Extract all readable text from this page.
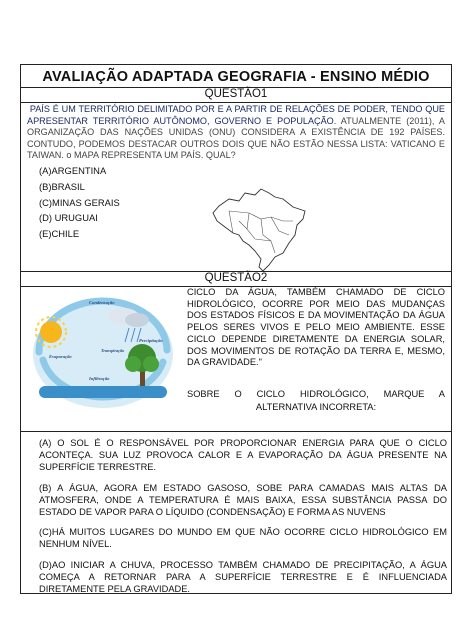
AVALIAÇÃO ADAPTADA GEOGRAFIA - ENSINO MÉDIO
QUESTÃO1
PAÍS É UM TERRITÓRIO DELIMITADO POR E A PARTIR DE RELAÇÕES DE PODER, TENDO QUE APRESENTAR TERRITÓRIO AUTÔNOMO, GOVERNO E POPULAÇÃO. ATUALMENTE (2011), A ORGANIZAÇÃO DAS NAÇÕES UNIDAS (ONU) CONSIDERA A EXISTÊNCIA DE 192 PAÍSES. CONTUDO, PODEMOS DESTACAR OUTROS DOIS QUE NÃO ESTÃO NESSA LISTA: VATICANO E TAIWAN. o MAPA REPRESENTA UM PAÍS. QUAL?
(A)ARGENTINA
(B)BRASIL
(C)MINAS GERAIS
(D) URUGUAI
(E)CHILE
QUESTÃO2
Condensação
Precipitação
Transpiração
Evaporação
Infiltração
CICLO DA ÁGUA, TAMBÉM CHAMADO DE CICLO HIDROLÓGICO, OCORRE POR MEIO DAS MUDANÇAS DOS ESTADOS FÍSICOS E DA MOVIMENTAÇÃO DA ÁGUA PELOS SERES VIVOS E PELO MEIO AMBIENTE. ESSE CICLO DEPENDE DIRETAMENTE DA ENERGIA SOLAR, DOS MOVIMENTOS DE ROTAÇÃO DA TERRA E, MESMO, DA GRAVIDADE."
SOBRE O CICLO HIDROLÓGICO, MARQUE A
ALTERNATIVA INCORRETA:
(A) O SOL É O RESPONSÁVEL POR PROPORCIONAR ENERGIA PARA QUE O CICLO ACONTEÇA. SUA LUZ PROVOCA CALOR E A EVAPORAÇÃO DA ÁGUA PRESENTE NA SUPERFÍCIE TERRESTRE.
(B) A ÁGUA, AGORA EM ESTADO GASOSO, SOBE PARA CAMADAS MAIS ALTAS DA ATMOSFERA, ONDE A TEMPERATURA É MAIS BAIXA, ESSA SUBSTÂNCIA PASSA DO ESTADO DE VAPOR PARA O LÍQUIDO (CONDENSAÇÃO) E FORMA AS NUVENS
(C)HÁ MUITOS LUGARES DO MUNDO EM QUE NÃO OCORRE CICLO HIDROLÓGICO EM NENHUM NÍVEL.
(D)AO INICIAR A CHUVA, PROCESSO TAMBÉM CHAMADO DE PRECIPITAÇÃO, A ÁGUA COMEÇA A RETORNAR PARA A SUPERFÍCIE TERRESTRE E É INFLUENCIADA DIRETAMENTE PELA GRAVIDADE.
